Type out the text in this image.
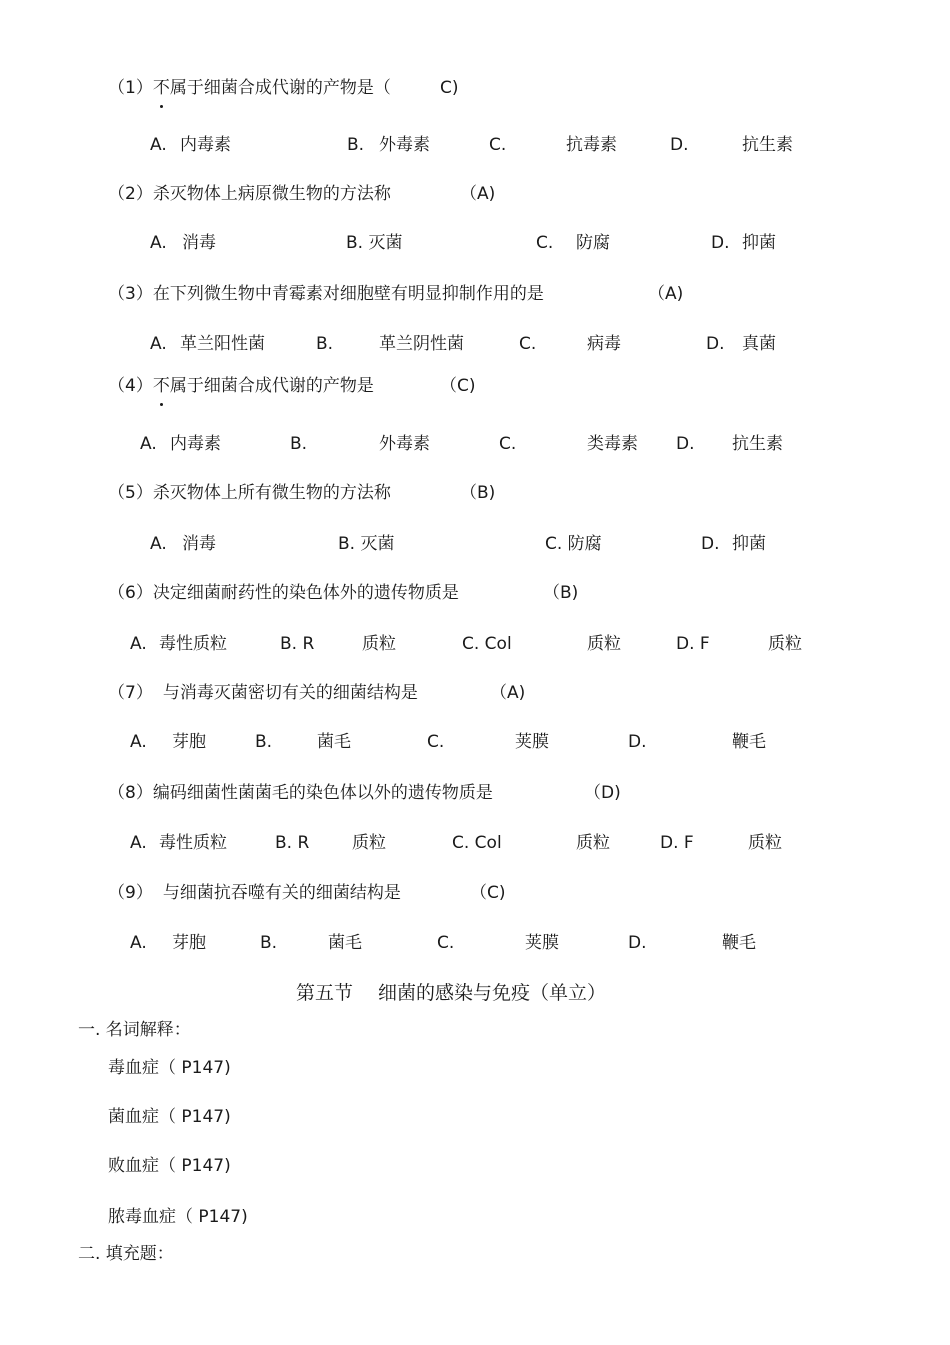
（1）不属于细菌合成代谢的产物是（	C)
A. 内毒素	B. 外毒素	C.	抗毒素	D.	抗生素
（2）杀灭物体上病原微生物的方法称	（A)
A. 消毒	B. 灭菌	C. 防腐	D. 抑菌
（3）在下列微生物中青霉素对细胞壁有明显抑制作用的是	（A)
A. 革兰阳性菌	B.	革兰阴性菌	C.	病毒	D. 真菌
（4）不属于细菌合成代谢的产物是	（C)
A. 内毒素	B.	外毒素	C.	类毒素 D. 抗生素
（5）杀灭物体上所有微生物的方法称	（B)
A. 消毒	B. 灭菌	C. 防腐	D. 抑菌
（6）决定细菌耐药性的染色体外的遗传物质是	（B)
A. 毒性质粒	B. R	质粒	C. Col	质粒	D. F	质粒
（7） 与消毒灭菌密切有关的细菌结构是	（A)
A. 芽胞	B.	菌毛	C.	荚膜	D.	鞭毛
（8）编码细菌性菌菌毛的染色体以外的遗传物质是	（D)
A. 毒性质粒	B. R	质粒	C. Col	质粒	D. F	质粒
（9） 与细菌抗吞噬有关的细菌结构是	（C)
A. 芽胞	B.	菌毛	C.	荚膜	D.	鞭毛
第五节　 细菌的感染与免疫（单立）
一. 名词解释：
毒血症（ P147)
菌血症（ P147)
败血症（ P147)
脓毒血症（ P147)
二. 填充题：
